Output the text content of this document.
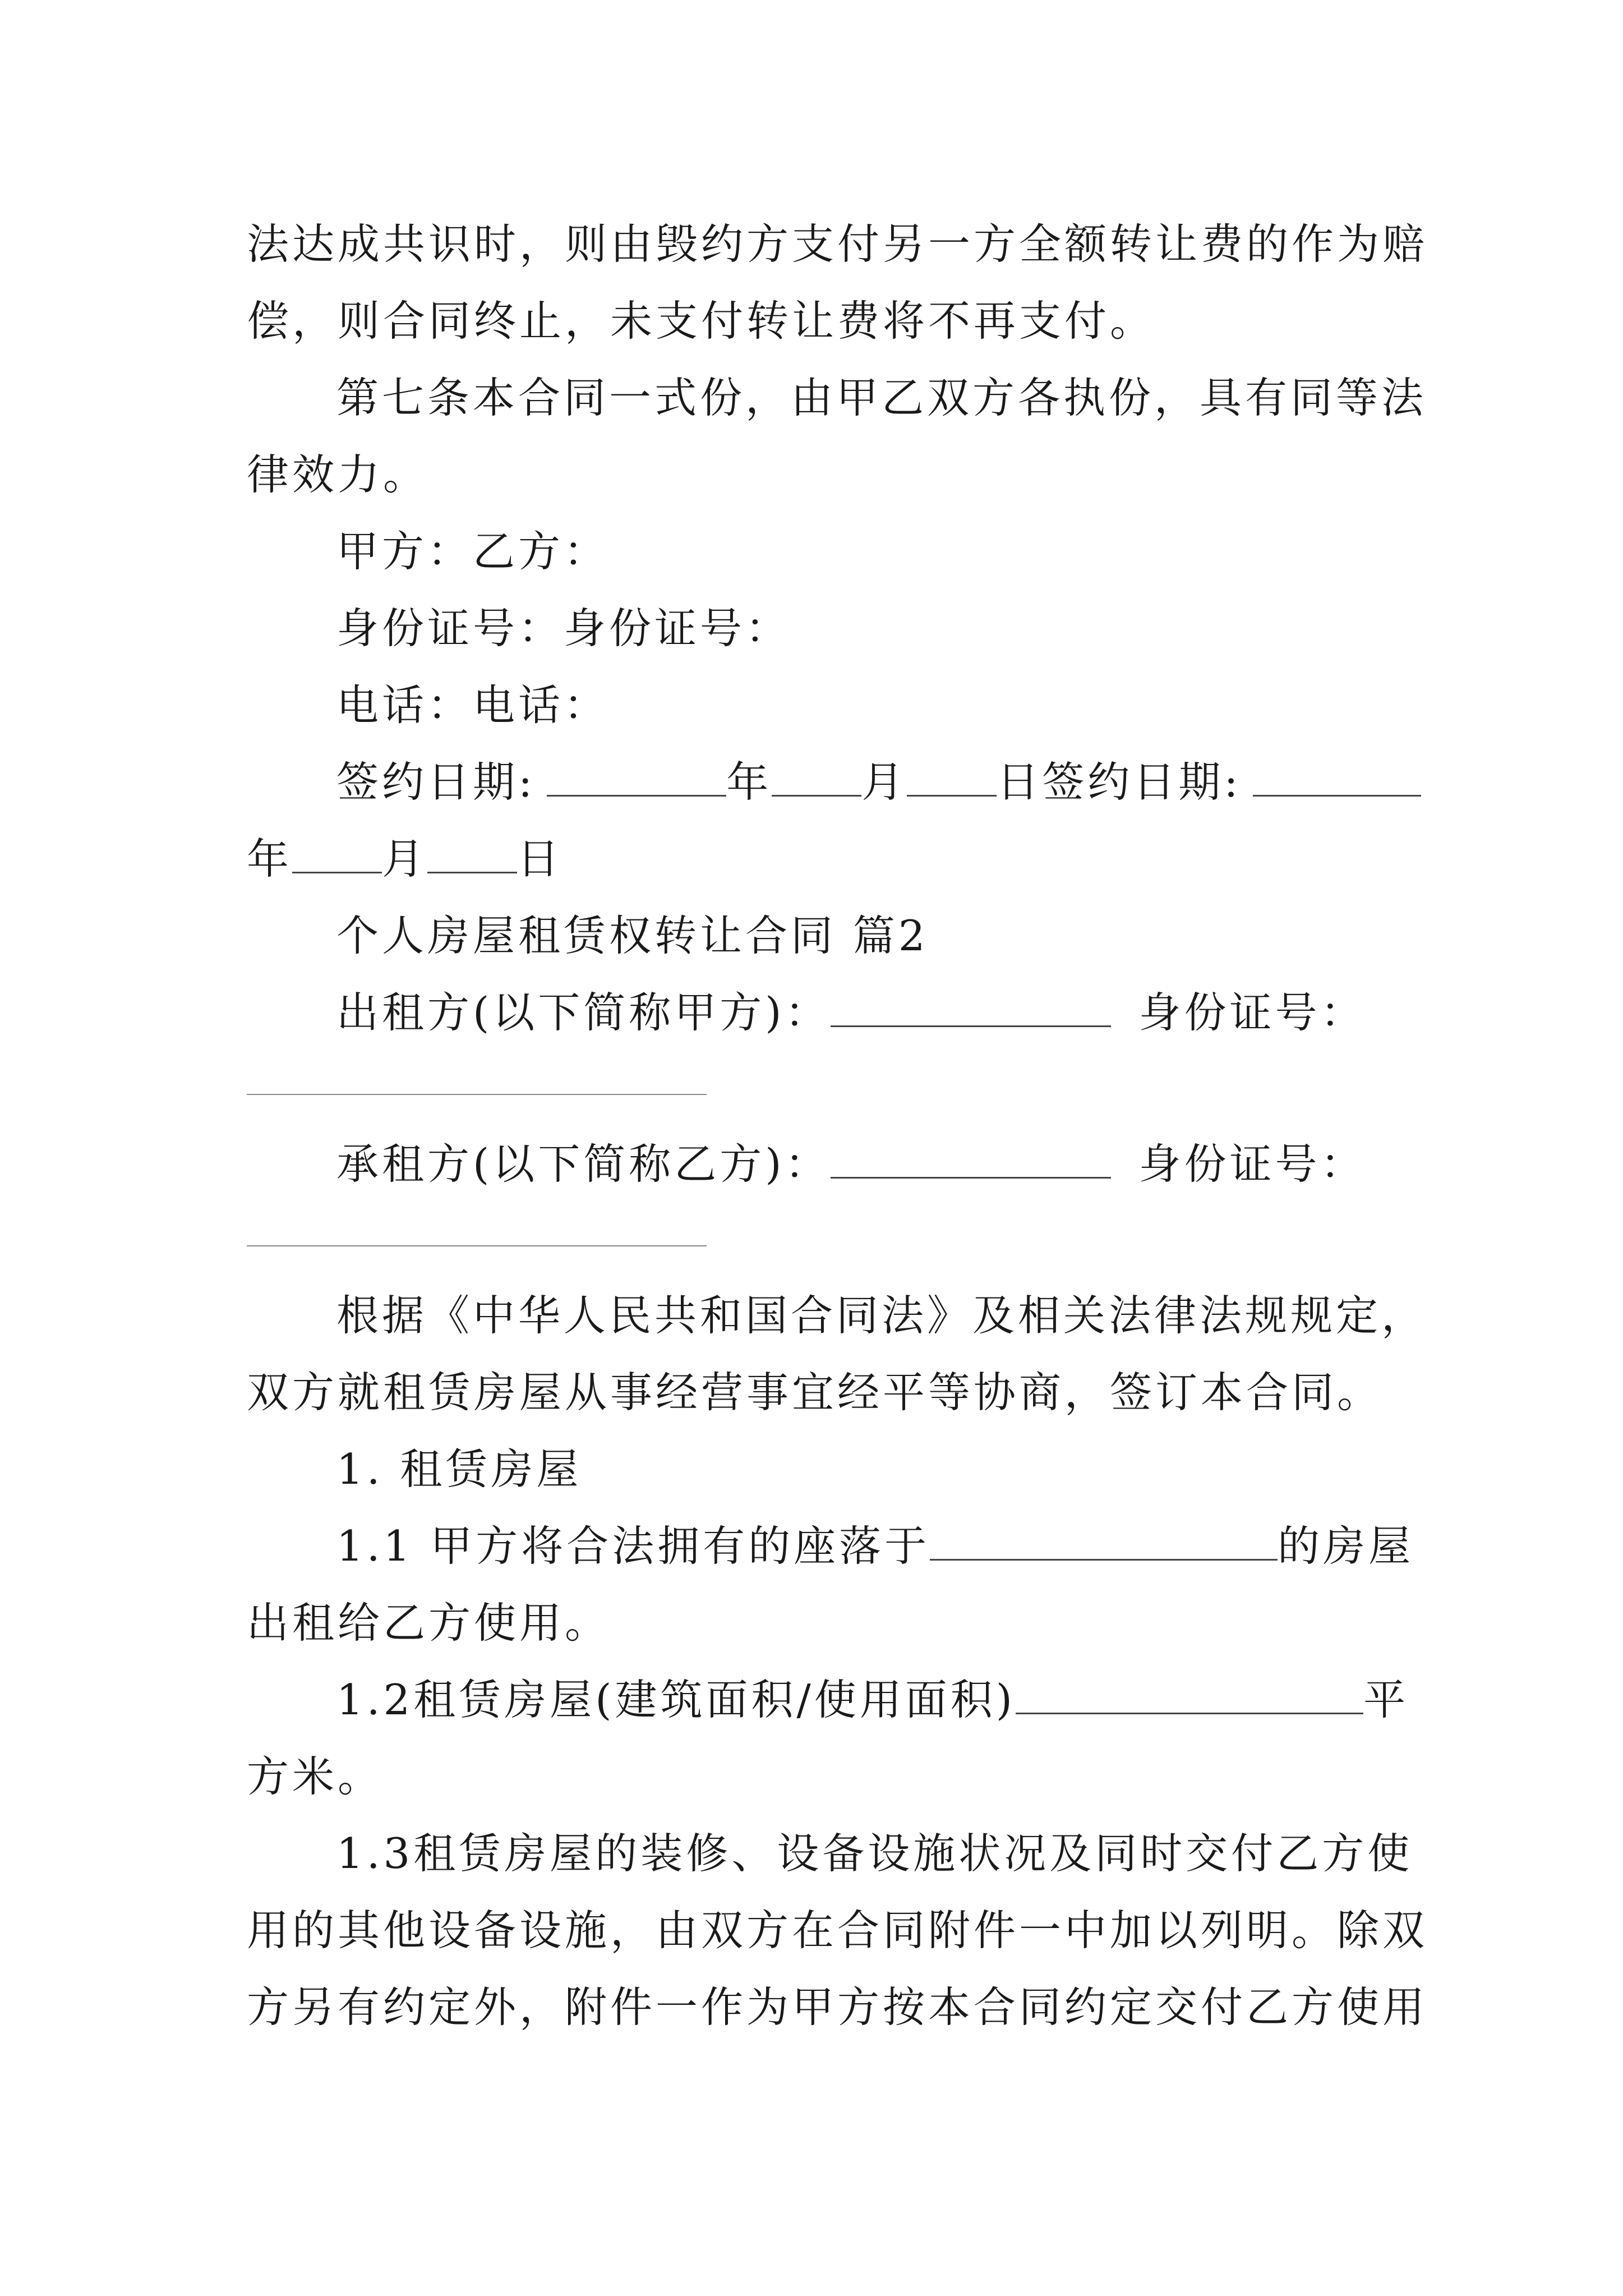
法达成共识时，则由毁约方支付另一方全额转让费的作为赔
偿，则合同终止，未支付转让费将不再支付。
第七条本合同一式份，由甲乙双方各执份，具有同等法
律效力。
甲方：乙方：
身份证号：身份证号：
电话：电话：
签约日期:	年 月 日签约日期:
年 月 日
个人房屋租赁权转让合同 篇2
出租方(以下简称甲方)：	身份证号：
承租方(以下简称乙方)：	身份证号：
根据《中华人民共和国合同法》及相关法律法规规定，
双方就租赁房屋从事经营事宜经平等协商，签订本合同。
1. 租赁房屋
1.1 甲方将合法拥有的座落于	的房屋
出租给乙方使用。
1.2租赁房屋(建筑面积/使用面积)	平
方米。
1.3租赁房屋的装修、设备设施状况及同时交付乙方使
用的其他设备设施，由双方在合同附件一中加以列明。除双
方另有约定外，附件一作为甲方按本合同约定交付乙方使用
